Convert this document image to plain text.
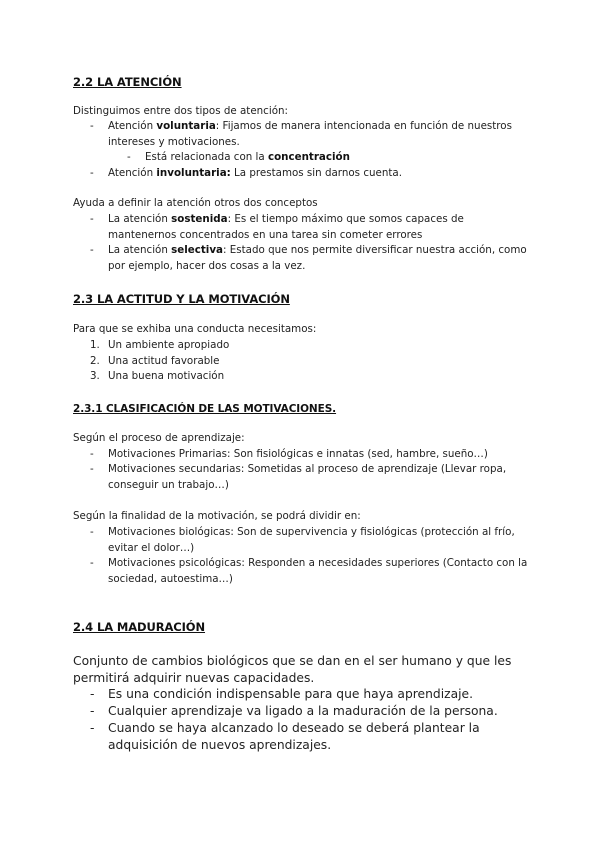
2.2 LA ATENCIÓN

Distinguimos entre dos tipos de atención:

-	Atención voluntaria: Fijamos de manera intencionada en función de nuestros intereses y motivaciones.
-	Está relacionada con la concentración
-	Atención involuntaria: La prestamos sin darnos cuenta.

Ayuda a definir la atención otros dos conceptos

-	La atención sostenida: Es el tiempo máximo que somos capaces de mantenernos concentrados en una tarea sin cometer errores
-	La atención selectiva: Estado que nos permite diversificar nuestra acción, como por ejemplo, hacer dos cosas a la vez.
2.3 LA ACTITUD Y LA MOTIVACIÓN

Para que se exhiba una conducta necesitamos:

1. Un ambiente apropiado
2. Una actitud favorable
3. Una buena motivación
2.3.1 CLASIFICACIÓN DE LAS MOTIVACIONES.

Según el proceso de aprendizaje:

-	Motivaciones Primarias: Son fisiológicas e innatas (sed, hambre, sueño…)
-	Motivaciones secundarias: Sometidas al proceso de aprendizaje (Llevar ropa, conseguir un trabajo…)

Según la finalidad de la motivación, se podrá dividir en:

-	Motivaciones biológicas: Son de supervivencia y fisiológicas (protección al frío, evitar el dolor…)
-	Motivaciones psicológicas: Responden a necesidades superiores (Contacto con la sociedad, autoestima…)
2.4 LA MADURACIÓN

Conjunto de cambios biológicos que se dan en el ser humano y que les permitirá adquirir nuevas capacidades.

-	Es una condición indispensable para que haya aprendizaje.
-	Cualquier aprendizaje va ligado a la maduración de la persona.
-	Cuando se haya alcanzado lo deseado se deberá plantear la adquisición de nuevos aprendizajes.
